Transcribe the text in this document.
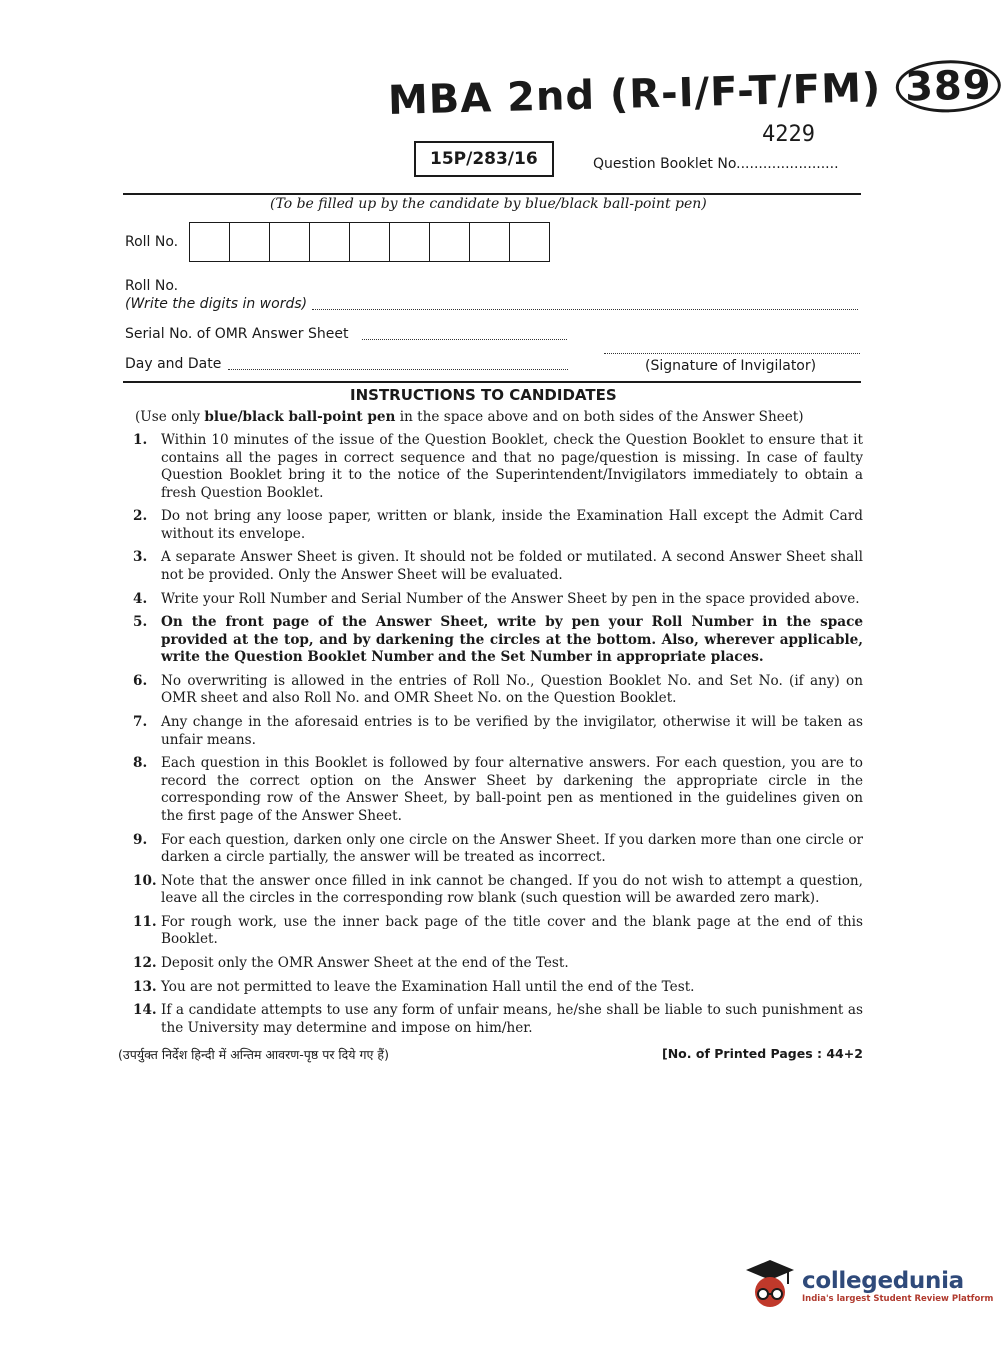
MBA 2nd (R-I/F-T/FM) 389
4229
15P/283/16	Question Booklet No.......................
(To be filled up by the candidate by blue/black ball-point pen)
Roll No.
Roll No.
(Write the digits in words)
Serial No. of OMR Answer Sheet
Day and Date	(Signature of Invigilator)
INSTRUCTIONS TO CANDIDATES
(Use only blue/black ball-point pen in the space above and on both sides of the Answer Sheet)
1.	Within 10 minutes of the issue of the Question Booklet, check the Question Booklet to ensure that it contains all the pages in correct sequence and that no page/question is missing. In case of faulty Question Booklet bring it to the notice of the Superintendent/Invigilators immediately to obtain a fresh Question Booklet.
2.	Do not bring any loose paper, written or blank, inside the Examination Hall except the Admit Card without its envelope.
3.	A separate Answer Sheet is given. It should not be folded or mutilated. A second Answer Sheet shall not be provided. Only the Answer Sheet will be evaluated.
4.	Write your Roll Number and Serial Number of the Answer Sheet by pen in the space provided above.
5.	On the front page of the Answer Sheet, write by pen your Roll Number in the space provided at the top, and by darkening the circles at the bottom. Also, wherever applicable, write the Question Booklet Number and the Set Number in appropriate places.
6.	No overwriting is allowed in the entries of Roll No., Question Booklet No. and Set No. (if any) on OMR sheet and also Roll No. and OMR Sheet No. on the Question Booklet.
7.	Any change in the aforesaid entries is to be verified by the invigilator, otherwise it will be taken as unfair means.
8.	Each question in this Booklet is followed by four alternative answers. For each question, you are to record the correct option on the Answer Sheet by darkening the appropriate circle in the corresponding row of the Answer Sheet, by ball-point pen as mentioned in the guidelines given on the first page of the Answer Sheet.
9.	For each question, darken only one circle on the Answer Sheet. If you darken more than one circle or darken a circle partially, the answer will be treated as incorrect.
10. Note that the answer once filled in ink cannot be changed. If you do not wish to attempt a question, leave all the circles in the corresponding row blank (such question will be awarded zero mark).
11. For rough work, use the inner back page of the title cover and the blank page at the end of this Booklet.
12. Deposit only the OMR Answer Sheet at the end of the Test.
13. You are not permitted to leave the Examination Hall until the end of the Test.
14. If a candidate attempts to use any form of unfair means, he/she shall be liable to such punishment as the University may determine and impose on him/her.
(उपर्युक्त निर्देश हिन्दी में अन्तिम आवरण-पृष्ठ पर दिये गए हैं)	[No. of Printed Pages : 44+2
collegedunia
India's largest Student Review Platform
